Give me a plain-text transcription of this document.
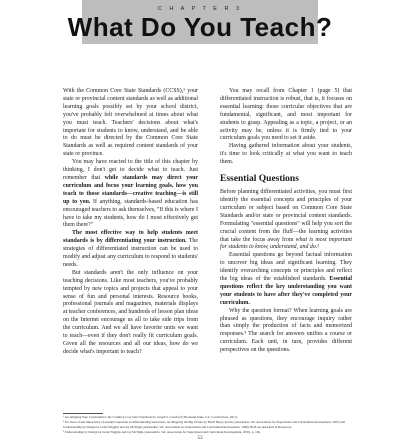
C H A P T E R 3
What Do You Teach?

With the Common Core State Standards (CCSS),¹ your state or provincial content standards as well as additional learning goals possibly set by your school district, you've probably felt overwhelmed at times about what you must teach. Teachers' decisions about what's important for students to know, understand, and be able to do must be directed by the Common Core State Standards as well as required content standards of your state or province.

You may have reacted to the title of this chapter by thinking, I don't get to decide what to teach. Just remember that while standards may direct your curriculum and focus your learning goals, how you teach to those standards—creative teaching—is still up to you. If anything, standards-based education has encouraged teachers to ask themselves, "If this is where I have to take my students, how do I most effectively get them there?"

The most effective way to help students meet standards is by differentiating your instruction. The strategies of differentiated instruction can be used to modify and adjust any curriculum to respond to students' needs.

But standards aren't the only influence on your teaching decisions. Like most teachers, you've probably tempted by new topics and projects that appeal to your sense of fun and personal interests. Resource books, professional journals and magazines, materials displays at teacher conferences, and hundreds of lesson plan ideas on the Internet encourage us all to take side trips from the curriculum. And we all have favorite units we want to teach—even if they don't really fit curriculum goals. Given all the resources and all our ideas, how do we decide what's important to teach?

You may recall from Chapter 1 (page 5) that differentiated instruction is robust, that is, it focuses on essential learning: those curricular objectives that are fundamental, significant, and most important for students to grasp. Appealing as a topic, a project, or an activity may be, unless it is firmly tied to your curriculum goals you need to set it aside.

Having gathered information about your students, it's time to look critically at what you want to teach them.

Essential Questions

Before planning differentiated activities, you must first identify the essential concepts and principles of your curriculum or subject based on Common Core State Standards and/or state or provincial content standards. Formulating "essential questions" will help you sort the crucial content from the fluff—the learning activities that take the focus away from what is most important for students to know, understand, and do.²

Essential questions go beyond factual information to uncover big ideas and significant learning. They identify overarching concepts or principles and reflect the big ideas of the established standards. Essential questions reflect the key understanding you want your students to have after they've completed your curriculum.

Why the question format? When learning goals are phrased as questions, they encourage inquiry rather than simply the production of facts and memorized responses.³ The search for answers unifies a course or curriculum. Each unit, in turn, provides different perspectives on the questions.

¹ See Aligning Your Curriculum to the Common Core State Standards by Joseph S. Crawford (Thousand Oaks, CA: Corwin Press, 2011).

² For more on the importance of essential questions in differentiating instruction, see Mapping the Big Picture by Heidi Hayes Jacobs (Alexandria, VA: Association for Supervision and Curriculum Development, 1997) and Understanding by Design by Grant Wiggins and Jay McTighe (Alexandria, VA: Association for Supervision and Curriculum Development, 1998). Both are described in Resources.

³ Understanding by Design by Grant Wiggins and Jay McTighe (Alexandria, VA: Association for Supervision and Curriculum Development, 2005), p. 106.

53
